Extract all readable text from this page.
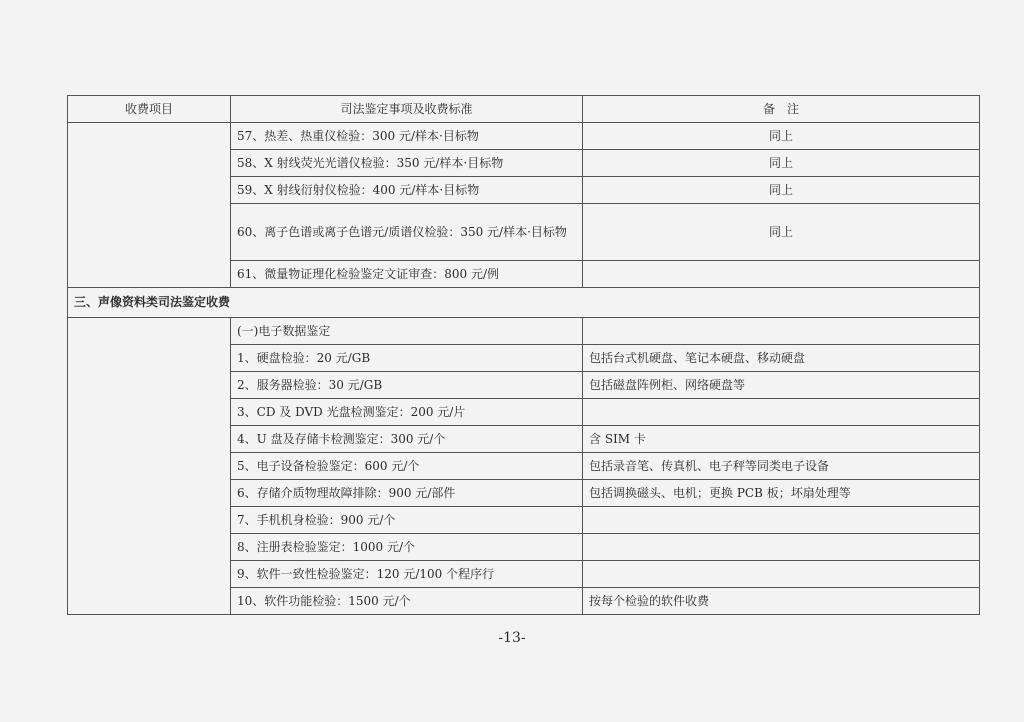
收费项目	司法鉴定事项及收费标准	备　注
	57、热差、热重仪检验：300 元/样本·目标物	同上
	58、X 射线荧光光谱仪检验：350 元/样本·目标物	同上
	59、X 射线衍射仪检验：400 元/样本·目标物	同上
	60、离子色谱或离子色谱元/质谱仪检验：350 元/样本·目标物	同上
	61、微量物证理化检验鉴定文证审查：800 元/例	
三、声像资料类司法鉴定收费		
	(一)电子数据鉴定	
	1、硬盘检验：20 元/GB	包括台式机硬盘、笔记本硬盘、移动硬盘
	2、服务器检验：30 元/GB	包括磁盘阵例柜、网络硬盘等
	3、CD 及 DVD 光盘检测鉴定：200 元/片	
	4、U 盘及存储卡检测鉴定：300 元/个	含 SIM 卡
	5、电子设备检验鉴定：600 元/个	包括录音笔、传真机、电子秤等同类电子设备
	6、存储介质物理故障排除：900 元/部件	包括调换磁头、电机；更换 PCB 板；坏扇处理等
	7、手机机身检验：900 元/个	
	8、注册表检验鉴定：1000 元/个	
	9、软件一致性检验鉴定：120 元/100 个程序行	
	10、软件功能检验：1500 元/个	按每个检验的软件收费
-13-
